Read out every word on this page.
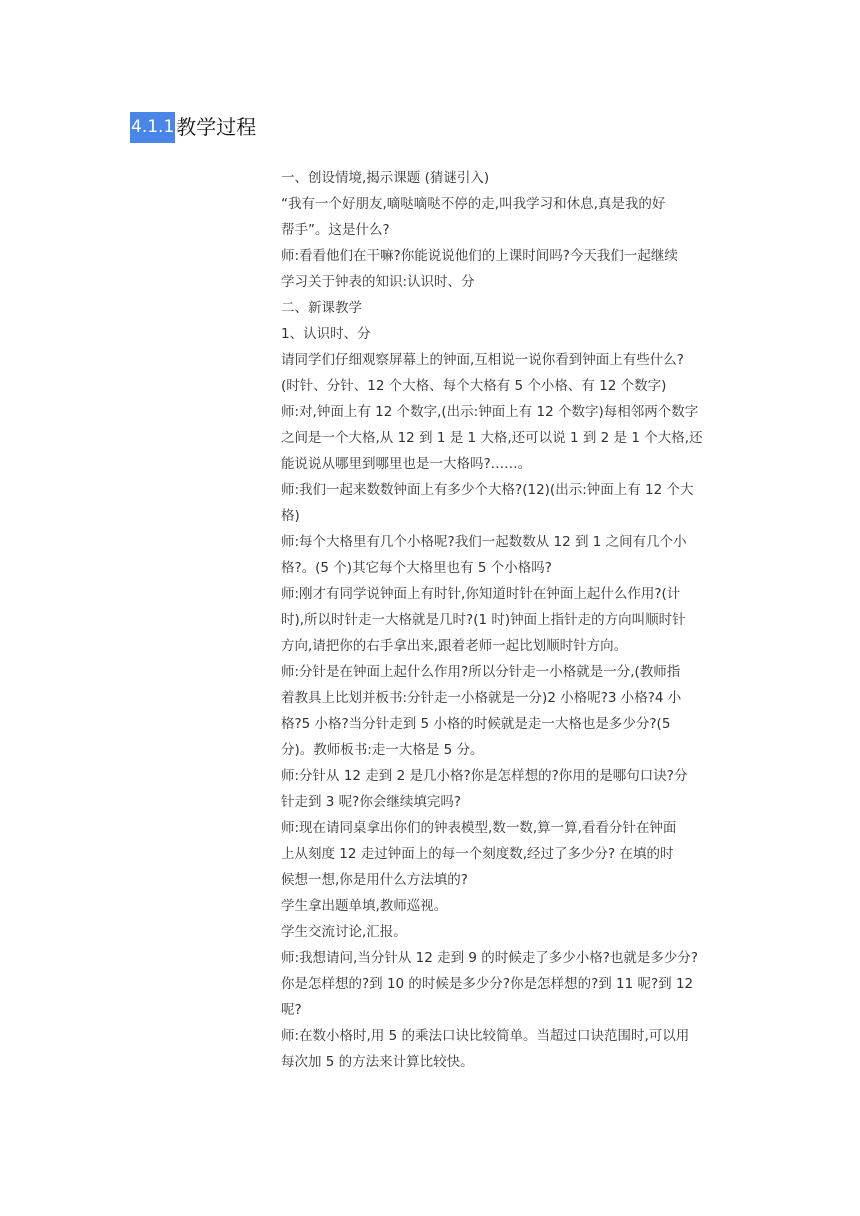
4.1.1 教学过程
一、创设情境,揭示课题 (猜谜引入)
“我有一个好朋友,嘀哒嘀哒不停的走,叫我学习和休息,真是我的好
帮手”。这是什么?
师:看看他们在干嘛?你能说说他们的上课时间吗?今天我们一起继续
学习关于钟表的知识:认识时、分
二、新课教学
1、认识时、分
请同学们仔细观察屏幕上的钟面,互相说一说你看到钟面上有些什么?
(时针、分针、12 个大格、每个大格有 5 个小格、有 12 个数字)
师:对,钟面上有 12 个数字,(出示:钟面上有 12 个数字)每相邻两个数字
之间是一个大格,从 12 到 1 是 1 大格,还可以说 1 到 2 是 1 个大格,还
能说说从哪里到哪里也是一大格吗?……。
师:我们一起来数数钟面上有多少个大格?(12)(出示:钟面上有 12 个大
格)
师:每个大格里有几个小格呢?我们一起数数从 12 到 1 之间有几个小
格?。(5 个)其它每个大格里也有 5 个小格吗?
师:刚才有同学说钟面上有时针,你知道时针在钟面上起什么作用?(计
时),所以时针走一大格就是几时?(1 时)钟面上指针走的方向叫顺时针
方向,请把你的右手拿出来,跟着老师一起比划顺时针方向。
师:分针是在钟面上起什么作用?所以分针走一小格就是一分,(教师指
着教具上比划并板书:分针走一小格就是一分)2 小格呢?3 小格?4 小
格?5 小格?当分针走到 5 小格的时候就是走一大格也是多少分?(5
分)。教师板书:走一大格是 5 分。
师:分针从 12 走到 2 是几小格?你是怎样想的?你用的是哪句口诀?分
针走到 3 呢?你会继续填完吗?
师:现在请同桌拿出你们的钟表模型,数一数,算一算,看看分针在钟面
上从刻度 12 走过钟面上的每一个刻度数,经过了多少分? 在填的时
候想一想,你是用什么方法填的?
学生拿出题单填,教师巡视。
学生交流讨论,汇报。
师:我想请问,当分针从 12 走到 9 的时候走了多少小格?也就是多少分?
你是怎样想的?到 10 的时候是多少分?你是怎样想的?到 11 呢?到 12
呢?
师:在数小格时,用 5 的乘法口诀比较简单。当超过口诀范围时,可以用
每次加 5 的方法来计算比较快。
